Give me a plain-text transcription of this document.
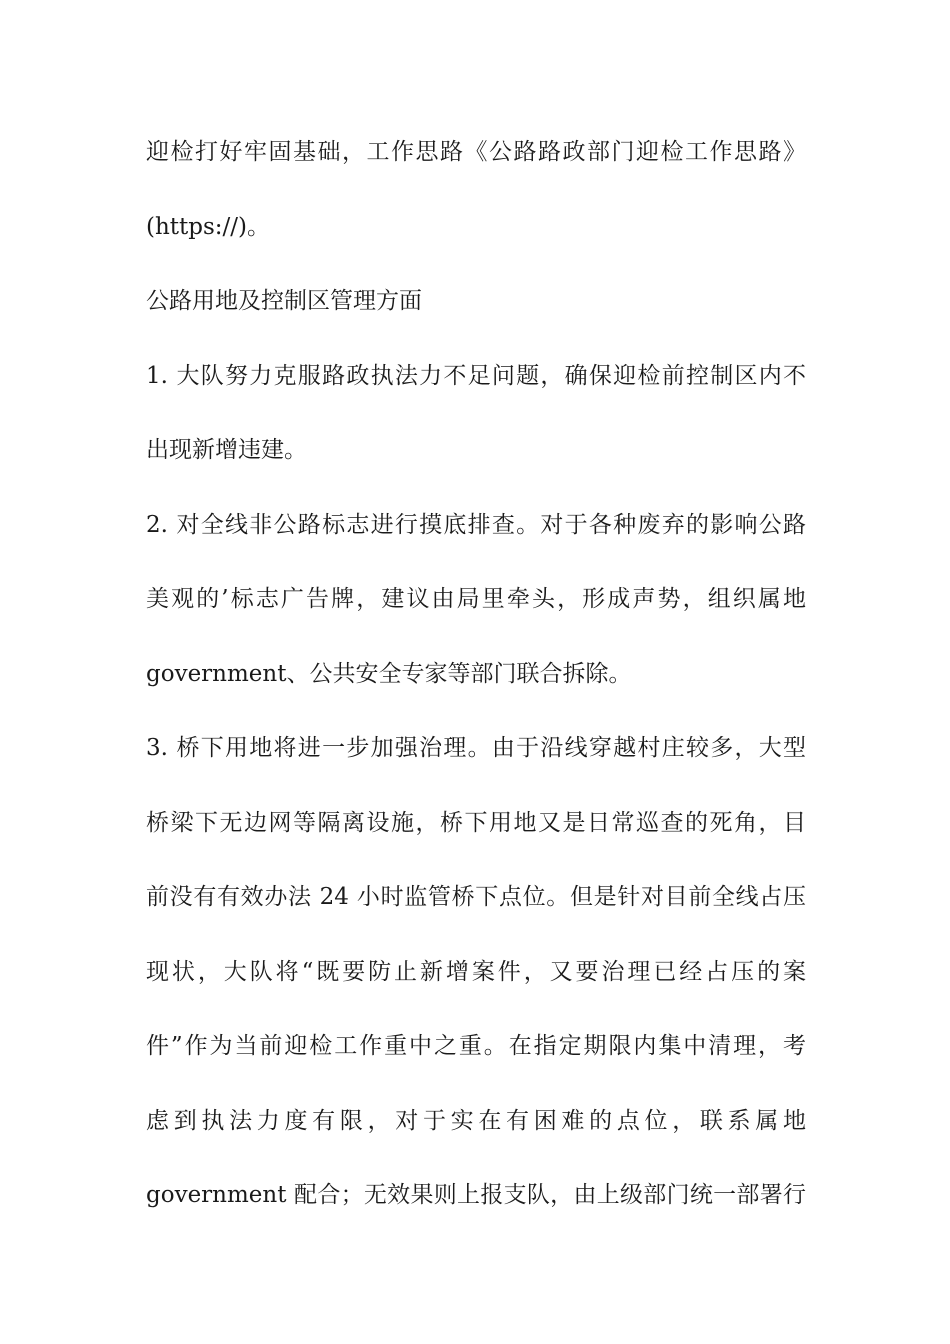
迎检打好牢固基础，工作思路《公路路政部门迎检工作思路》
(https://)。
公路用地及控制区管理方面
1. 大队努力克服路政执法力不足问题，确保迎检前控制区内不
出现新增违建。
2. 对全线非公路标志进行摸底排查。对于各种废弃的影响公路
美观的’标志广告牌，建议由局里牵头，形成声势，组织属地
government、公共安全专家等部门联合拆除。
3. 桥下用地将进一步加强治理。由于沿线穿越村庄较多，大型
桥梁下无边网等隔离设施，桥下用地又是日常巡查的死角，目
前没有有效办法 24 小时监管桥下点位。但是针对目前全线占压
现状，大队将“既要防止新增案件，又要治理已经占压的案
件”作为当前迎检工作重中之重。在指定期限内集中清理，考
虑到执法力度有限，对于实在有困难的点位，联系属地
government 配合；无效果则上报支队，由上级部门统一部署行
